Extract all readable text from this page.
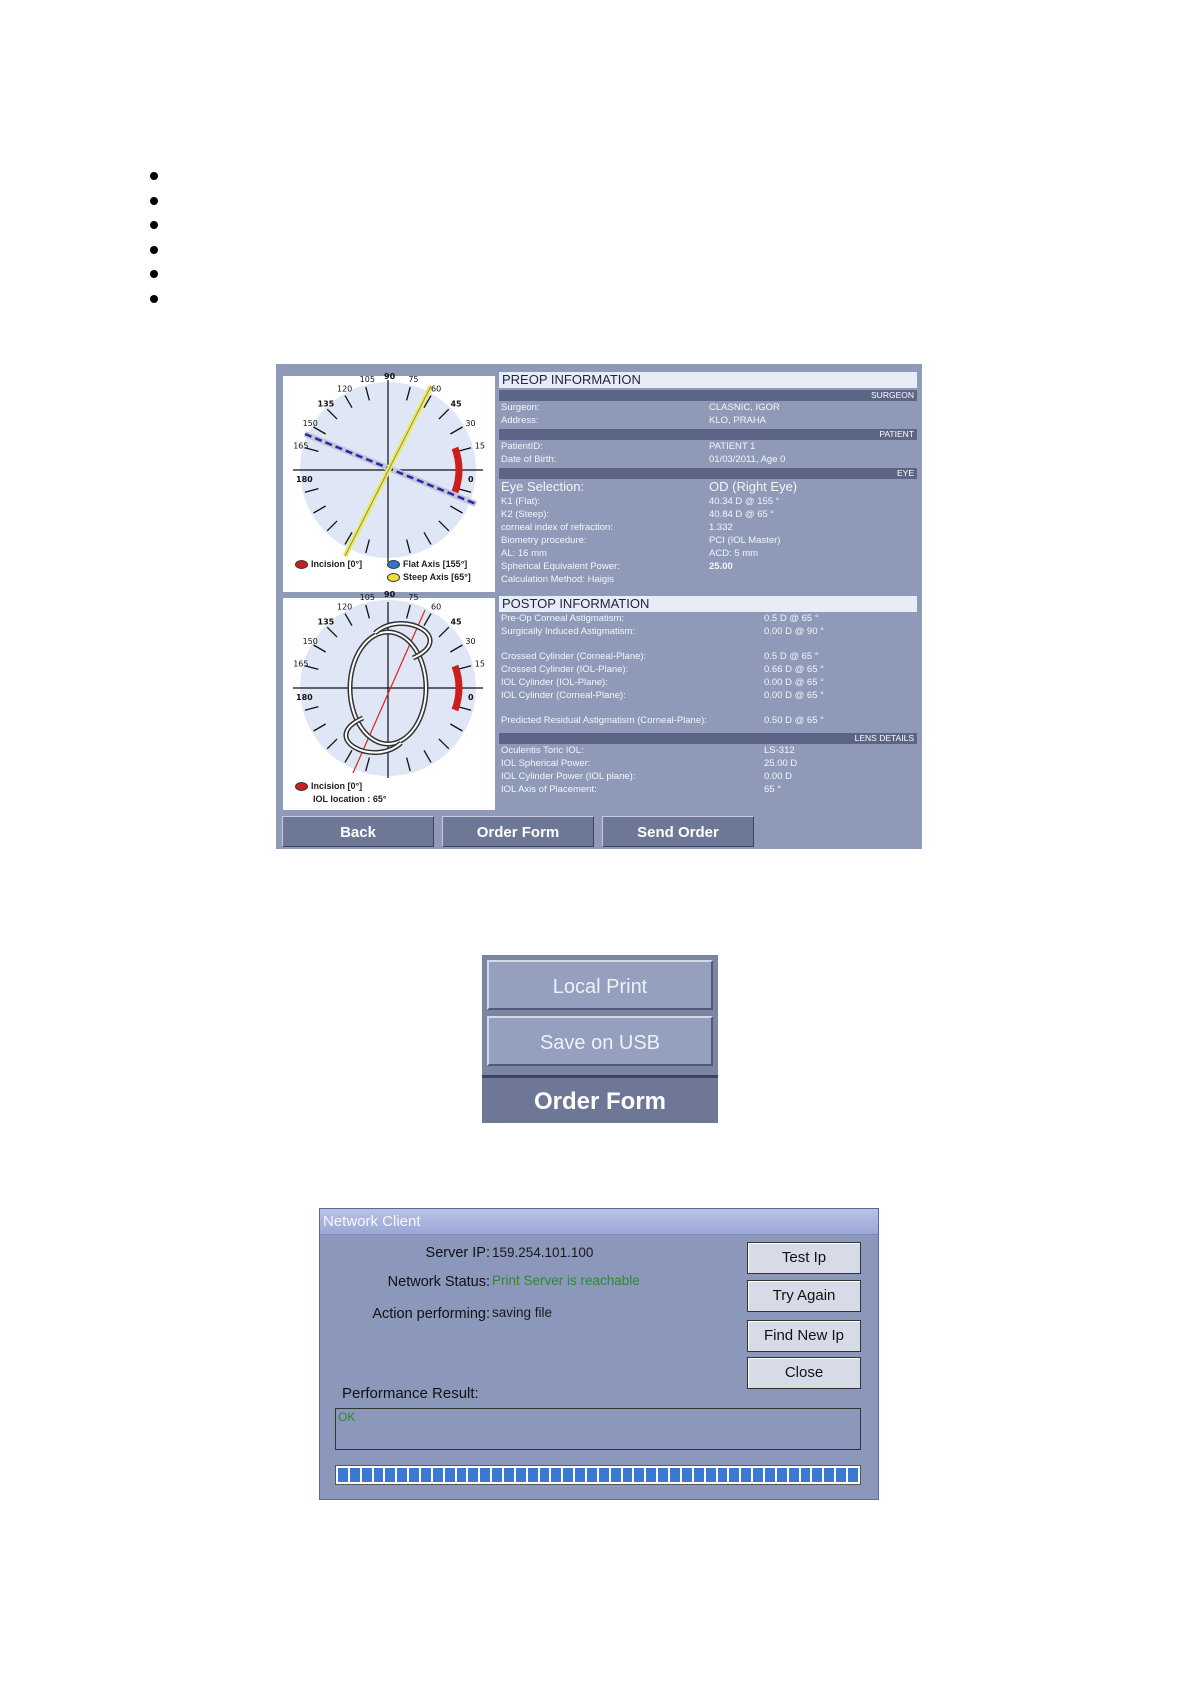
0
15
30
45
60
75
90
105
120
135
150
165
180
Incision [0°]	Flat Axis [155°]
Steep Axis [65°]
0
15
30
45
60
75
90
105
120
135
150
165
180
Incision [0°]
IOL location : 65°
PREOP INFORMATION
SURGEON
Surgeon:	CLASNIC, IGOR
Address:	KLO, PRAHA
PATIENT
PatientID:	PATIENT 1
Date of Birth:	01/03/2011, Age 0
EYE
Eye Selection:	OD (Right Eye)
K1 (Flat):	40.34 D @ 155 °
K2 (Steep):	40.84 D @ 65 °
corneal index of refraction:	1.332
Biometry procedure:	PCI (IOL Master)
AL: 16 mm	ACD: 5 mm
Spherical Equivalent Power:	25.00
Calculation Method: Haigis
POSTOP INFORMATION
Pre-Op Corneal Astigmatism:	0.5 D @ 65 °
Surgically Induced Astigmatism:	0.00 D @ 90 °
Crossed Cylinder (Corneal-Plane):	0.5 D @ 65 °
Crossed Cylinder (IOL-Plane):	0.66 D @ 65 °
IOL Cylinder (IOL-Plane):	0.00 D @ 65 °
IOL Cylinder (Corneal-Plane):	0.00 D @ 65 °
Predicted Residual Astigmatism (Corneal-Plane):	0.50 D @ 65 °
LENS DETAILS
Oculentis Toric IOL:	LS-312
IOL Spherical Power:	25.00 D
IOL Cylinder Power (IOL plane):	0.00 D
IOL Axis of Placement:	65 °
Back	Order Form	Send Order
Local Print
Save on USB
Order Form
Network Client
Server IP: 159.254.101.100
Network Status: Print Server is reachable
Action performing: saving file
Test Ip
Try Again
Find New Ip
Close
Performance Result:
OK
